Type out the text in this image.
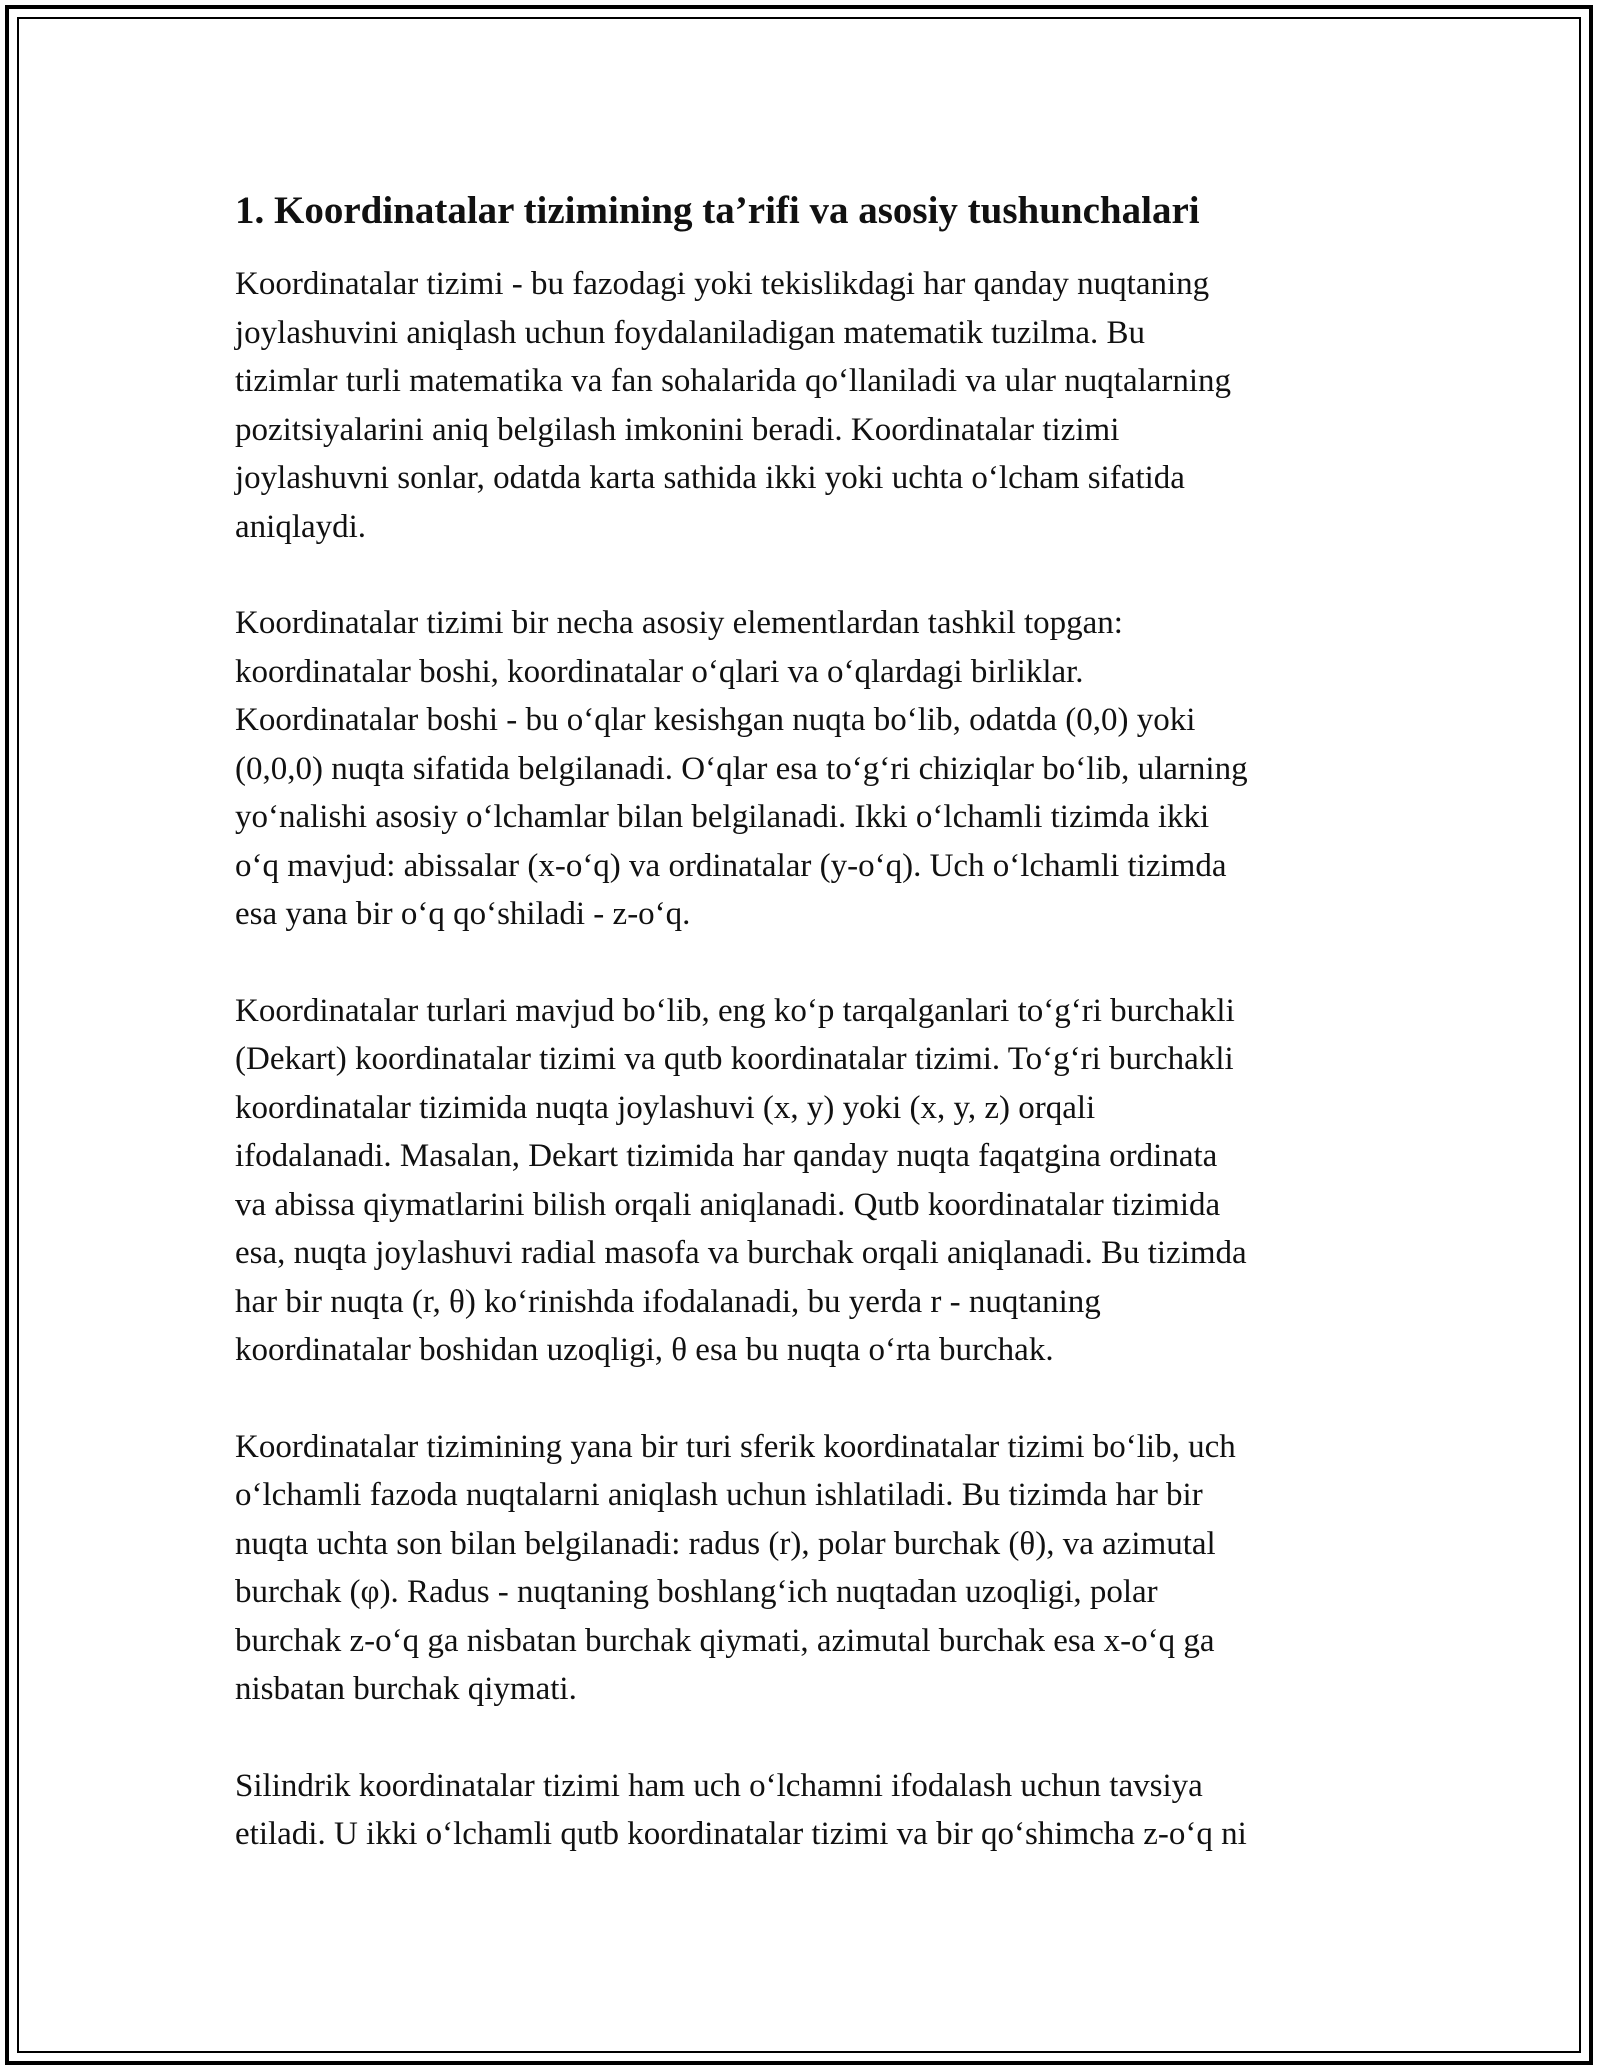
1. Koordinatalar tizimining ta’rifi va asosiy tushunchalari

Koordinatalar tizimi - bu fazodagi yoki tekislikdagi har qanday nuqtaning
joylashuvini aniqlash uchun foydalaniladigan matematik tuzilma. Bu
tizimlar turli matematika va fan sohalarida qo‘llaniladi va ular nuqtalarning
pozitsiyalarini aniq belgilash imkonini beradi. Koordinatalar tizimi
joylashuvni sonlar, odatda karta sathida ikki yoki uchta o‘lcham sifatida
aniqlaydi.

Koordinatalar tizimi bir necha asosiy elementlardan tashkil topgan:
koordinatalar boshi, koordinatalar o‘qlari va o‘qlardagi birliklar.
Koordinatalar boshi - bu o‘qlar kesishgan nuqta bo‘lib, odatda (0,0) yoki
(0,0,0) nuqta sifatida belgilanadi. O‘qlar esa to‘g‘ri chiziqlar bo‘lib, ularning
yo‘nalishi asosiy o‘lchamlar bilan belgilanadi. Ikki o‘lchamli tizimda ikki
o‘q mavjud: abissalar (x-o‘q) va ordinatalar (y-o‘q). Uch o‘lchamli tizimda
esa yana bir o‘q qo‘shiladi - z-o‘q.

Koordinatalar turlari mavjud bo‘lib, eng ko‘p tarqalganlari to‘g‘ri burchakli
(Dekart) koordinatalar tizimi va qutb koordinatalar tizimi. To‘g‘ri burchakli
koordinatalar tizimida nuqta joylashuvi (x, y) yoki (x, y, z) orqali
ifodalanadi. Masalan, Dekart tizimida har qanday nuqta faqatgina ordinata
va abissa qiymatlarini bilish orqali aniqlanadi. Qutb koordinatalar tizimida
esa, nuqta joylashuvi radial masofa va burchak orqali aniqlanadi. Bu tizimda
har bir nuqta (r, θ) ko‘rinishda ifodalanadi, bu yerda r - nuqtaning
koordinatalar boshidan uzoqligi, θ esa bu nuqta o‘rta burchak.

Koordinatalar tizimining yana bir turi sferik koordinatalar tizimi bo‘lib, uch
o‘lchamli fazoda nuqtalarni aniqlash uchun ishlatiladi. Bu tizimda har bir
nuqta uchta son bilan belgilanadi: radus (r), polar burchak (θ), va azimutal
burchak (φ). Radus - nuqtaning boshlang‘ich nuqtadan uzoqligi, polar
burchak z-o‘q ga nisbatan burchak qiymati, azimutal burchak esa x-o‘q ga
nisbatan burchak qiymati.

Silindrik koordinatalar tizimi ham uch o‘lchamni ifodalash uchun tavsiya
etiladi. U ikki o‘lchamli qutb koordinatalar tizimi va bir qo‘shimcha z-o‘q ni
